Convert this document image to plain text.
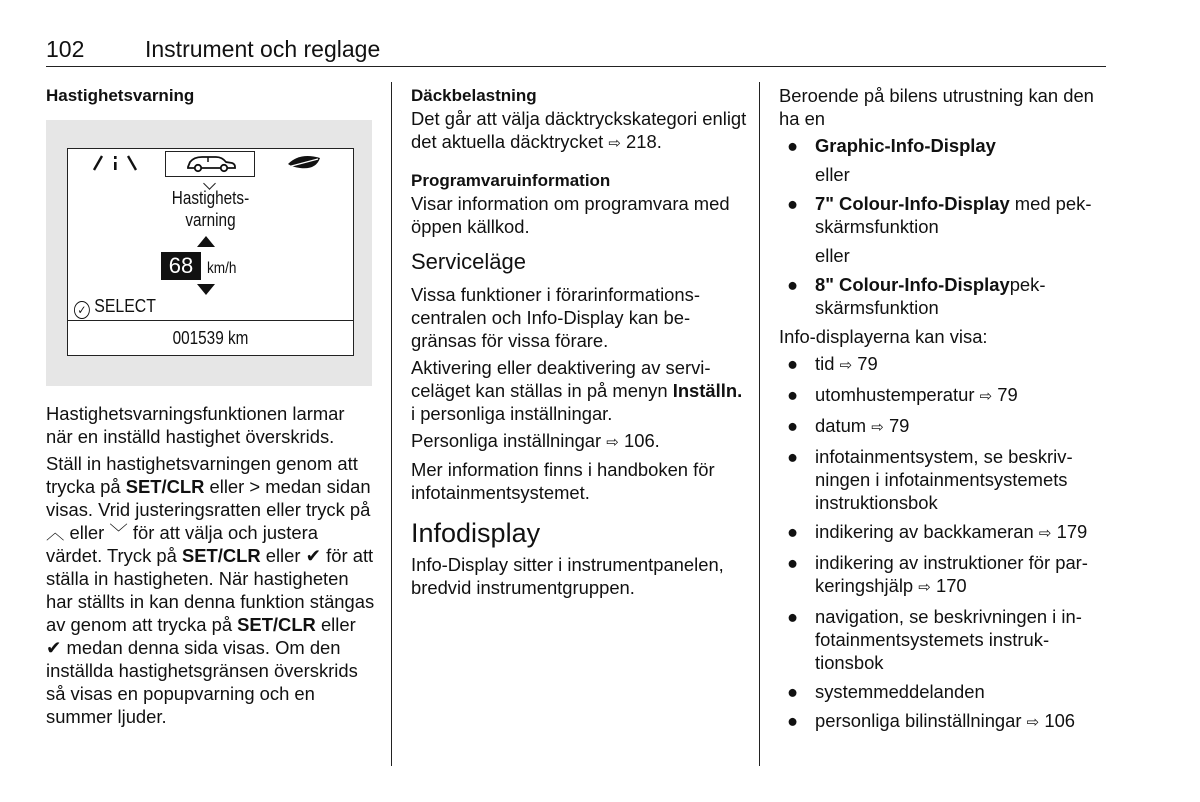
102	Instrument och reglage
Hastighetsvarning
Hastighets-
varning
68 km/h
✓ SELECT
001539 km

Hastighetsvarningsfunktionen larmar när en inställd hastighet överskrids.

Ställ in hastighetsvarningen genom att trycka på SET/CLR eller > medan sidan visas. Vrid justeringsratten eller tryck på ︿ eller ﹀ för att välja och justera värdet. Tryck på SET/CLR eller ✔ för att ställa in hastigheten. När hastigheten har ställts in kan denna funktion stängas av genom att trycka på SET/CLR eller ✔ medan denna sida visas. Om den inställda hastighetsgränsen överskrids så visas en popupvarning och en summer ljuder.

Däckbelastning

Det går att välja däcktryckskategori enligt det aktuella däcktrycket ⇨ 218.

Programvaruinformation

Visar information om programvara med öppen källkod.

Serviceläge

Vissa funktioner i förarinformationscentralen och Info-Display kan begränsas för vissa förare.

Aktivering eller deaktivering av serviceläget kan ställas in på menyn Inställn. i personliga inställningar.

Personliga inställningar ⇨ 106.

Mer information finns i handboken för infotainmentsystemet.

Infodisplay

Info-Display sitter i instrumentpanelen, bredvid instrumentgruppen.

Beroende på bilens utrustning kan den ha en

● Graphic-Info-Display
eller
● 7" Colour-Info-Display med pekskärmsfunktion
eller
● 8" Colour-Info-Displaypekskärmsfunktion

Info-displayerna kan visa:

● tid ⇨ 79
● utomhustemperatur ⇨ 79
● datum ⇨ 79
● infotainmentsystem, se beskrivningen i infotainmentsystemets instruktionsbok
● indikering av backkameran ⇨ 179
● indikering av instruktioner för parkeringshjälp ⇨ 170
● navigation, se beskrivningen i infotainmentsystemets instruktionsbok
● systemmeddelanden
● personliga bilinställningar ⇨ 106
